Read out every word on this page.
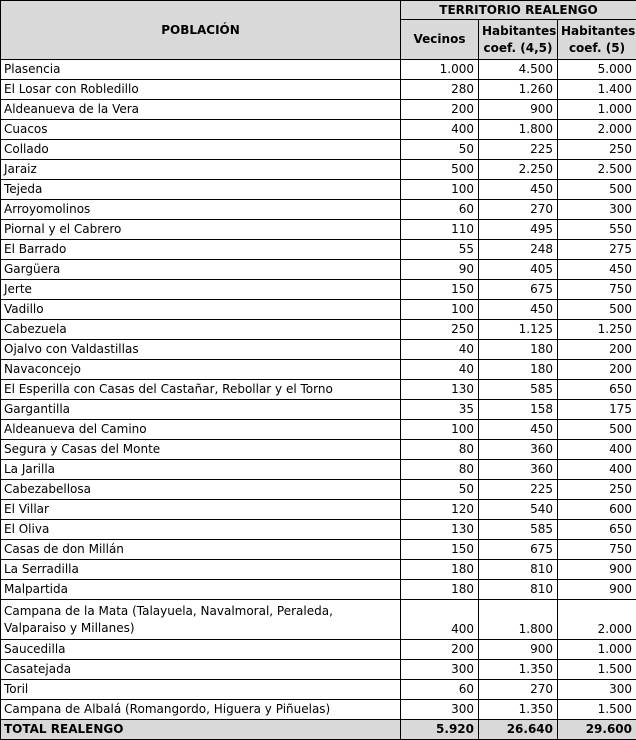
POBLACIÓN	TERRITORIO REALENGO		
	Vecinos	Habitantes coef. (4,5)	Habitantes coef. (5)
Plasencia	1.000	4.500	5.000
El Losar con Robledillo	280	1.260	1.400
Aldeanueva de la Vera	200	900	1.000
Cuacos	400	1.800	2.000
Collado	50	225	250
Jaraiz	500	2.250	2.500
Tejeda	100	450	500
Arroyomolinos	60	270	300
Piornal y el Cabrero	110	495	550
El Barrado	55	248	275
Gargüera	90	405	450
Jerte	150	675	750
Vadillo	100	450	500
Cabezuela	250	1.125	1.250
Ojalvo con Valdastillas	40	180	200
Navaconcejo	40	180	200
El Esperilla con Casas del Castañar, Rebollar y el Torno	130	585	650
Gargantilla	35	158	175
Aldeanueva del Camino	100	450	500
Segura y Casas del Monte	80	360	400
La Jarilla	80	360	400
Cabezabellosa	50	225	250
El Villar	120	540	600
El Oliva	130	585	650
Casas de don Millán	150	675	750
La Serradilla	180	810	900
Malpartida	180	810	900
Campana de la Mata (Talayuela, Navalmoral, Peraleda, Valparaiso y Millanes)	400	1.800	2.000
Saucedilla	200	900	1.000
Casatejada	300	1.350	1.500
Toril	60	270	300
Campana de Albalá (Romangordo, Higuera y Piñuelas)	300	1.350	1.500
TOTAL REALENGO	5.920	26.640	29.600
